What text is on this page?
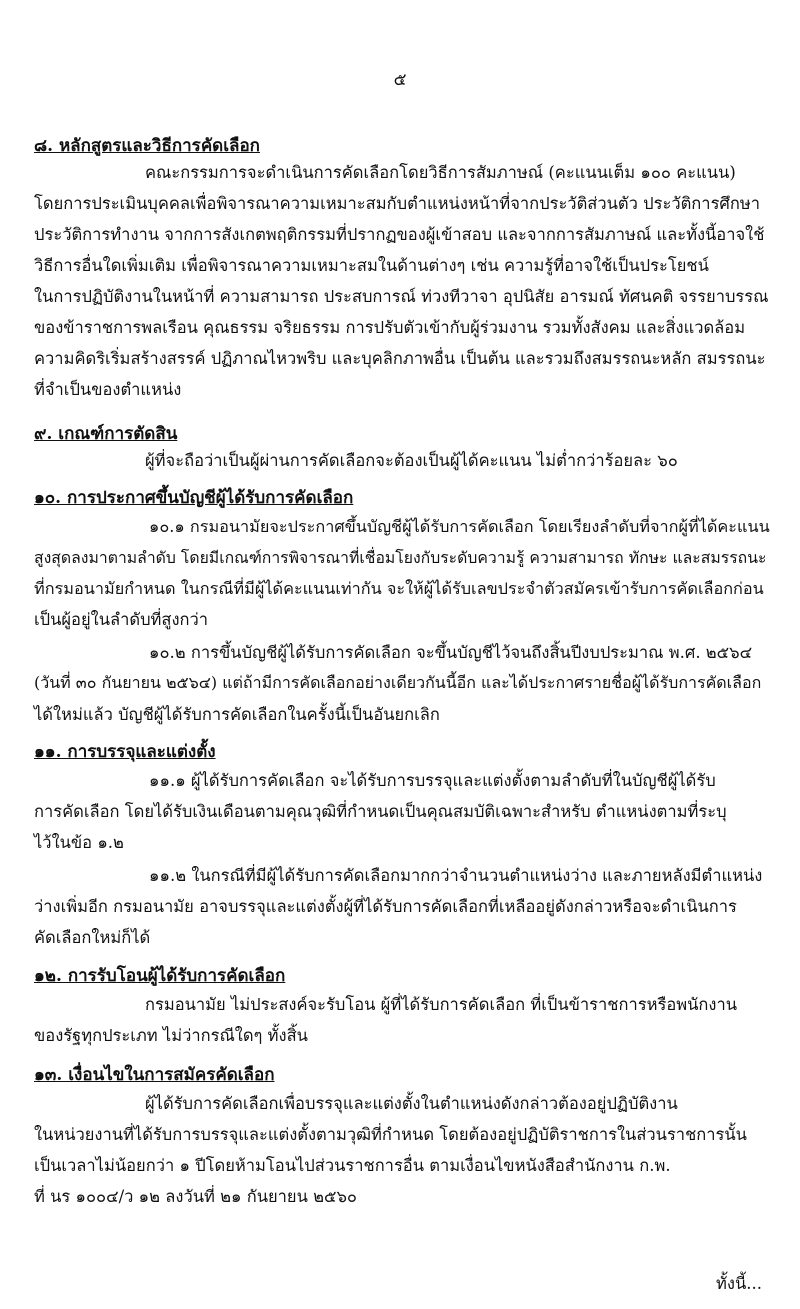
๕
๘. หลักสูตรและวิธีการคัดเลือก
คณะกรรมการจะดำเนินการคัดเลือกโดยวิธีการสัมภาษณ์ (คะแนนเต็ม ๑๐๐ คะแนน)
โดยการประเมินบุคคลเพื่อพิจารณาความเหมาะสมกับตำแหน่งหน้าที่จากประวัติส่วนตัว ประวัติการศึกษา
ประวัติการทำงาน จากการสังเกตพฤติกรรมที่ปรากฏของผู้เข้าสอบ และจากการสัมภาษณ์ และทั้งนี้อาจใช้
วิธีการอื่นใดเพิ่มเติม เพื่อพิจารณาความเหมาะสมในด้านต่างๆ เช่น ความรู้ที่อาจใช้เป็นประโยชน์
ในการปฏิบัติงานในหน้าที่ ความสามารถ ประสบการณ์ ท่วงทีวาจา อุปนิสัย อารมณ์ ทัศนคติ จรรยาบรรณ
ของข้าราชการพลเรือน คุณธรรม จริยธรรม การปรับตัวเข้ากับผู้ร่วมงาน รวมทั้งสังคม และสิ่งแวดล้อม
ความคิดริเริ่มสร้างสรรค์ ปฏิภาณไหวพริบ และบุคลิกภาพอื่น เป็นต้น และรวมถึงสมรรถนะหลัก สมรรถนะ
ที่จำเป็นของตำแหน่ง
๙. เกณฑ์การตัดสิน
ผู้ที่จะถือว่าเป็นผู้ผ่านการคัดเลือกจะต้องเป็นผู้ได้คะแนน ไม่ต่ำกว่าร้อยละ ๖๐
๑๐. การประกาศขึ้นบัญชีผู้ได้รับการคัดเลือก
๑๐.๑ กรมอนามัยจะประกาศขึ้นบัญชีผู้ได้รับการคัดเลือก โดยเรียงลำดับที่จากผู้ที่ได้คะแนน
สูงสุดลงมาตามลำดับ โดยมีเกณฑ์การพิจารณาที่เชื่อมโยงกับระดับความรู้ ความสามารถ ทักษะ และสมรรถนะ
ที่กรมอนามัยกำหนด ในกรณีที่มีผู้ได้คะแนนเท่ากัน จะให้ผู้ได้รับเลขประจำตัวสมัครเข้ารับการคัดเลือกก่อน
เป็นผู้อยู่ในลำดับที่สูงกว่า
๑๐.๒ การขึ้นบัญชีผู้ได้รับการคัดเลือก จะขึ้นบัญชีไว้จนถึงสิ้นปีงบประมาณ พ.ศ. ๒๕๖๔
(วันที่ ๓๐ กันยายน ๒๕๖๔) แต่ถ้ามีการคัดเลือกอย่างเดียวกันนี้อีก และได้ประกาศรายชื่อผู้ได้รับการคัดเลือก
ได้ใหม่แล้ว บัญชีผู้ได้รับการคัดเลือกในครั้งนี้เป็นอันยกเลิก
๑๑. การบรรจุและแต่งตั้ง
๑๑.๑ ผู้ได้รับการคัดเลือก จะได้รับการบรรจุและแต่งตั้งตามลำดับที่ในบัญชีผู้ได้รับ
การคัดเลือก โดยได้รับเงินเดือนตามคุณวุฒิที่กำหนดเป็นคุณสมบัติเฉพาะสำหรับ ตำแหน่งตามที่ระบุ
ไว้ในข้อ ๑.๒
๑๑.๒ ในกรณีที่มีผู้ได้รับการคัดเลือกมากกว่าจำนวนตำแหน่งว่าง และภายหลังมีตำแหน่ง
ว่างเพิ่มอีก กรมอนามัย อาจบรรจุและแต่งตั้งผู้ที่ได้รับการคัดเลือกที่เหลืออยู่ดังกล่าวหรือจะดำเนินการ
คัดเลือกใหม่ก็ได้
๑๒. การรับโอนผู้ได้รับการคัดเลือก
กรมอนามัย ไม่ประสงค์จะรับโอน ผู้ที่ได้รับการคัดเลือก ที่เป็นข้าราชการหรือพนักงาน
ของรัฐทุกประเภท ไม่ว่ากรณีใดๆ ทั้งสิ้น
๑๓. เงื่อนไขในการสมัครคัดเลือก
ผู้ได้รับการคัดเลือกเพื่อบรรจุและแต่งตั้งในตำแหน่งดังกล่าวต้องอยู่ปฏิบัติงาน
ในหน่วยงานที่ได้รับการบรรจุและแต่งตั้งตามวุฒิที่กำหนด โดยต้องอยู่ปฏิบัติราชการในส่วนราชการนั้น
เป็นเวลาไม่น้อยกว่า ๑ ปีโดยห้ามโอนไปส่วนราชการอื่น ตามเงื่อนไขหนังสือสำนักงาน ก.พ.
ที่ นร ๑๐๐๔/ว ๑๒ ลงวันที่ ๒๑ กันยายน ๒๕๖๐
ทั้งนี้...
